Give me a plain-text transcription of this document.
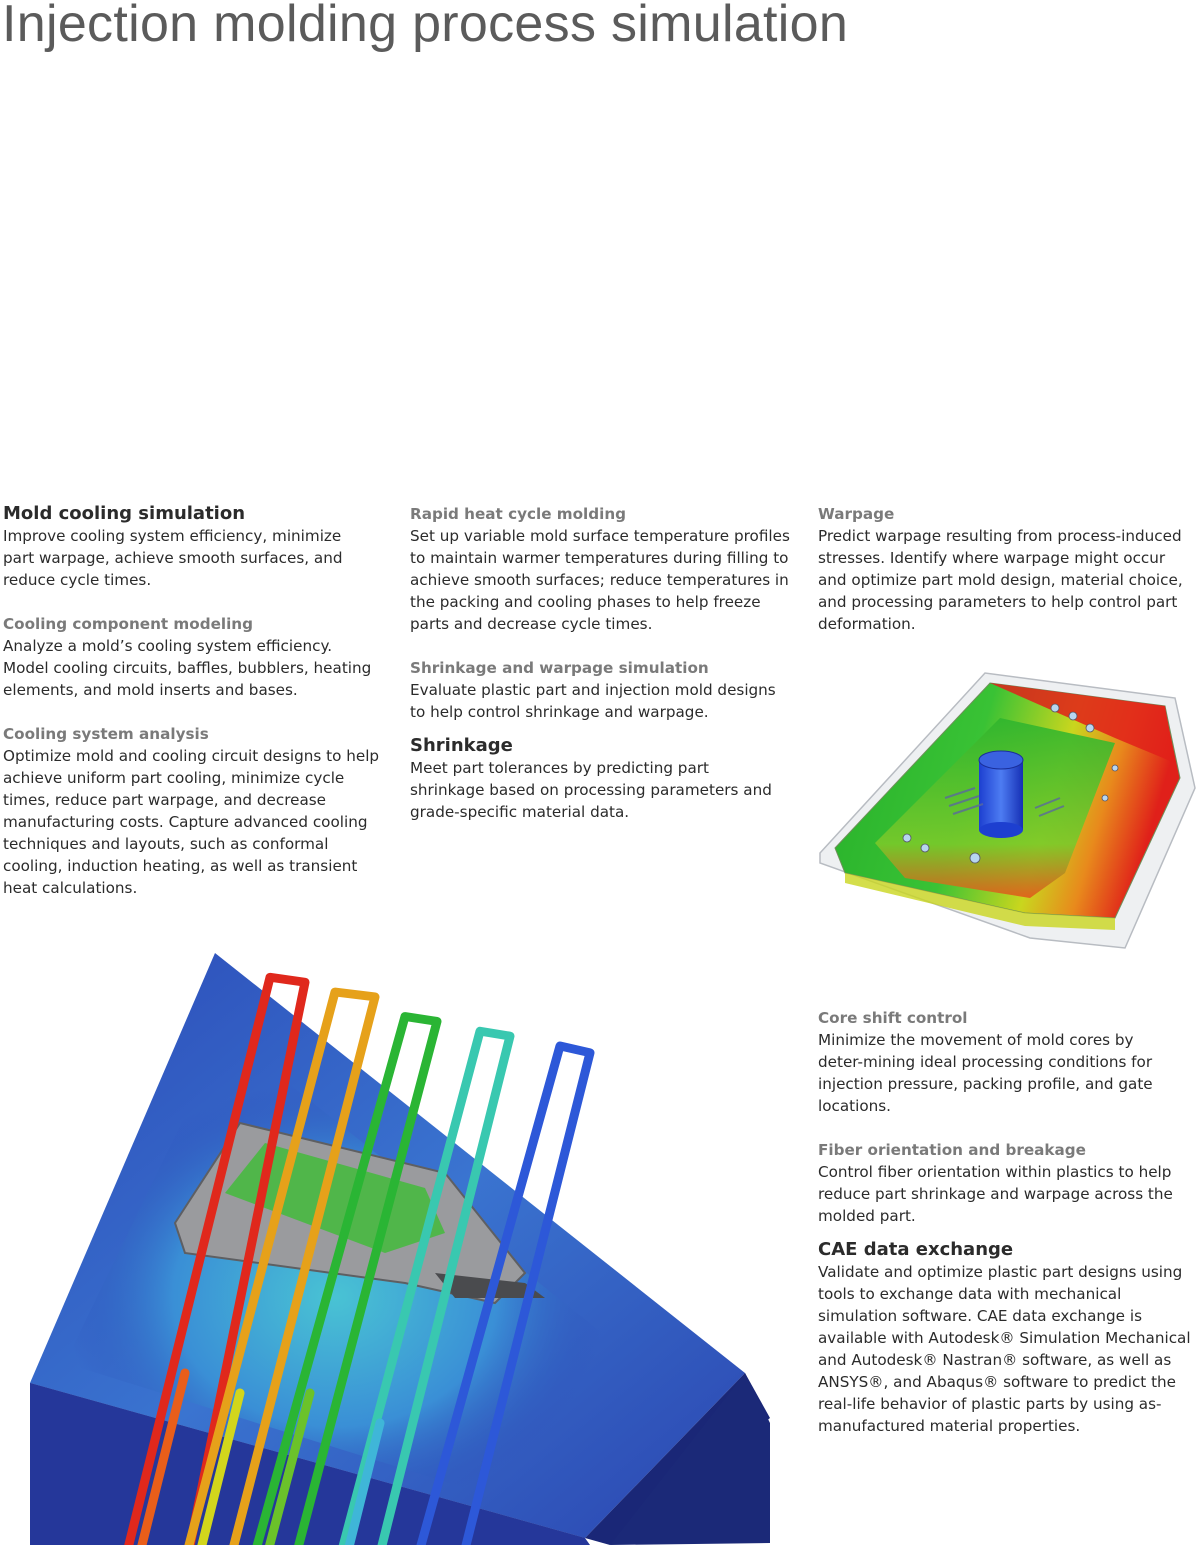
Injection molding process simulation

Mold cooling simulation

Improve cooling system efficiency, minimize part warpage, achieve smooth surfaces, and reduce cycle times.

Cooling component modeling

Analyze a mold’s cooling system efficiency.

Model cooling circuits, baffles, bubblers, heating elements, and mold inserts and bases.

Cooling system analysis

Optimize mold and cooling circuit designs to help achieve uniform part cooling, minimize cycle times, reduce part warpage, and decrease manufacturing costs. Capture advanced cooling techniques and layouts, such as conformal cooling, induction heating, as well as transient heat calculations.

Rapid heat cycle molding

Set up variable mold surface temperature profiles to maintain warmer temperatures during filling to achieve smooth surfaces; reduce temperatures in the packing and cooling phases to help freeze parts and decrease cycle times.

Shrinkage and warpage simulation

Evaluate plastic part and injection mold designs to help control shrinkage and warpage.

Shrinkage

Meet part tolerances by predicting part shrinkage based on processing parameters and grade-specific material data.

Warpage

Predict warpage resulting from process-induced stresses. Identify where warpage might occur and optimize part mold design, material choice, and processing parameters to help control part deformation.

Core shift control

Minimize the movement of mold cores by deter-mining ideal processing conditions for injection pressure, packing profile, and gate locations.

Fiber orientation and breakage

Control fiber orientation within plastics to help reduce part shrinkage and warpage across the molded part.

CAE data exchange

Validate and optimize plastic part designs using tools to exchange data with mechanical simulation software. CAE data exchange is available with Autodesk® Simulation Mechanical and Autodesk® Nastran® software, as well as ANSYS®, and Abaqus® software to predict the real-life behavior of plastic parts by using as-manufactured material properties.
